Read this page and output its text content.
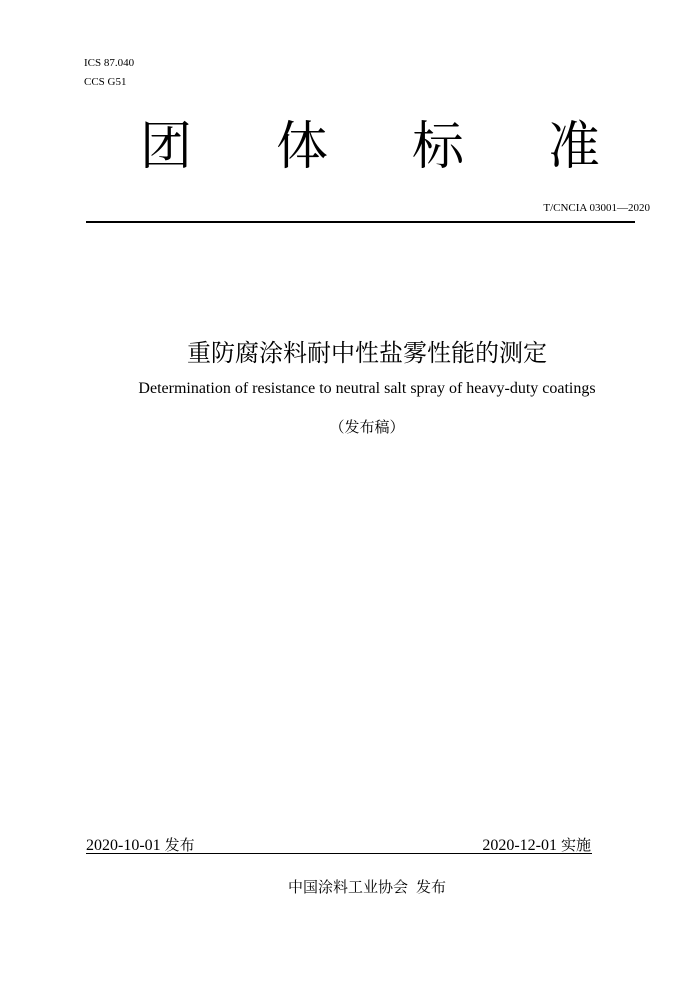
ICS 87.040
CCS G51
团 体 标 准
T/CNCIA 03001—2020
重防腐涂料耐中性盐雾性能的测定
Determination of resistance to neutral salt spray of heavy-duty coatings
（发布稿）
2020-10-01 发布	2020-12-01 实施
中国涂料工业协会 发布
